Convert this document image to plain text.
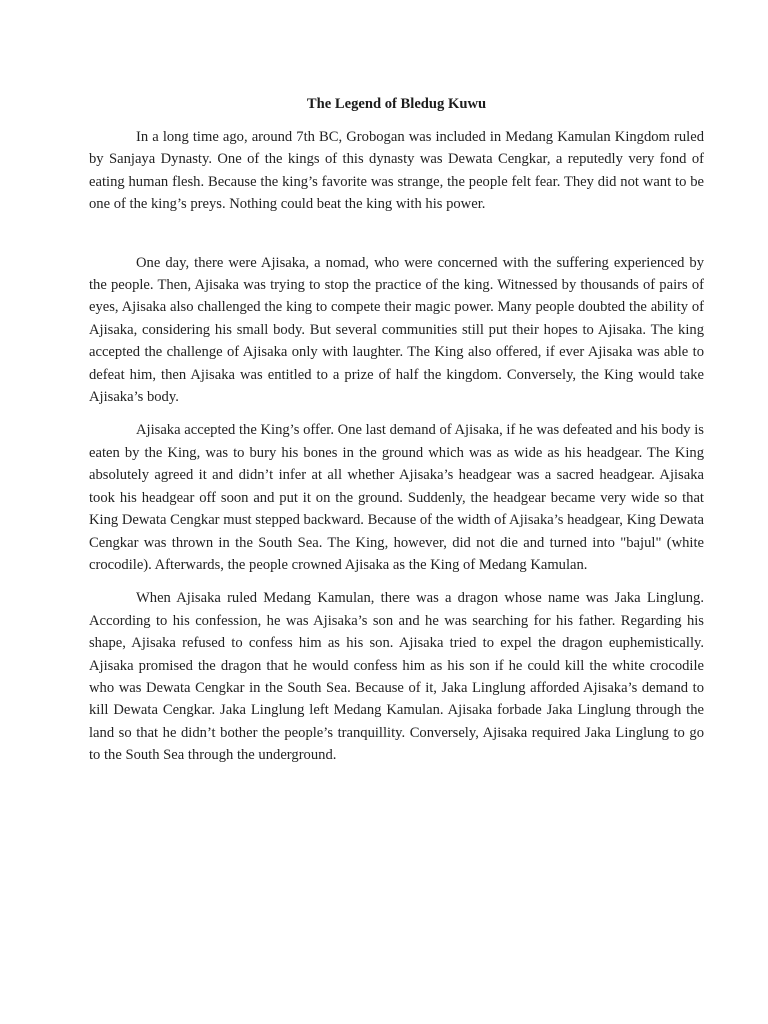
The Legend of Bledug Kuwu

In a long time ago, around 7th BC, Grobogan was included in Medang Kamulan Kingdom ruled by Sanjaya Dynasty. One of the kings of this dynasty was Dewata Cengkar, a reputedly very fond of eating human flesh. Because the king’s favorite was strange, the people felt fear. They did not want to be one of the king’s preys. Nothing could beat the king with his power.

One day, there were Ajisaka, a nomad, who were concerned with the suffering experienced by the people. Then, Ajisaka was trying to stop the practice of the king. Witnessed by thousands of pairs of eyes, Ajisaka also challenged the king to compete their magic power. Many people doubted the ability of Ajisaka, considering his small body. But several communities still put their hopes to Ajisaka. The king accepted the challenge of Ajisaka only with laughter. The King also offered, if ever Ajisaka was able to defeat him, then Ajisaka was entitled to a prize of half the kingdom. Conversely, the King would take Ajisaka’s body.

Ajisaka accepted the King’s offer. One last demand of Ajisaka, if he was defeated and his body is eaten by the King, was to bury his bones in the ground which was as wide as his headgear. The King absolutely agreed it and didn’t infer at all whether Ajisaka’s headgear was a sacred headgear. Ajisaka took his headgear off soon and put it on the ground. Suddenly, the headgear became very wide so that King Dewata Cengkar must stepped backward. Because of the width of Ajisaka’s headgear, King Dewata Cengkar was thrown in the South Sea. The King, however, did not die and turned into "bajul" (white crocodile). Afterwards, the people crowned Ajisaka as the King of Medang Kamulan.

When Ajisaka ruled Medang Kamulan, there was a dragon whose name was Jaka Linglung. According to his confession, he was Ajisaka’s son and he was searching for his father. Regarding his shape, Ajisaka refused to confess him as his son. Ajisaka tried to expel the dragon euphemistically. Ajisaka promised the dragon that he would confess him as his son if he could kill the white crocodile who was Dewata Cengkar in the South Sea. Because of it, Jaka Linglung afforded Ajisaka’s demand to kill Dewata Cengkar. Jaka Linglung left Medang Kamulan. Ajisaka forbade Jaka Linglung through the land so that he didn’t bother the people’s tranquillity. Conversely, Ajisaka required Jaka Linglung to go to the South Sea through the underground.
